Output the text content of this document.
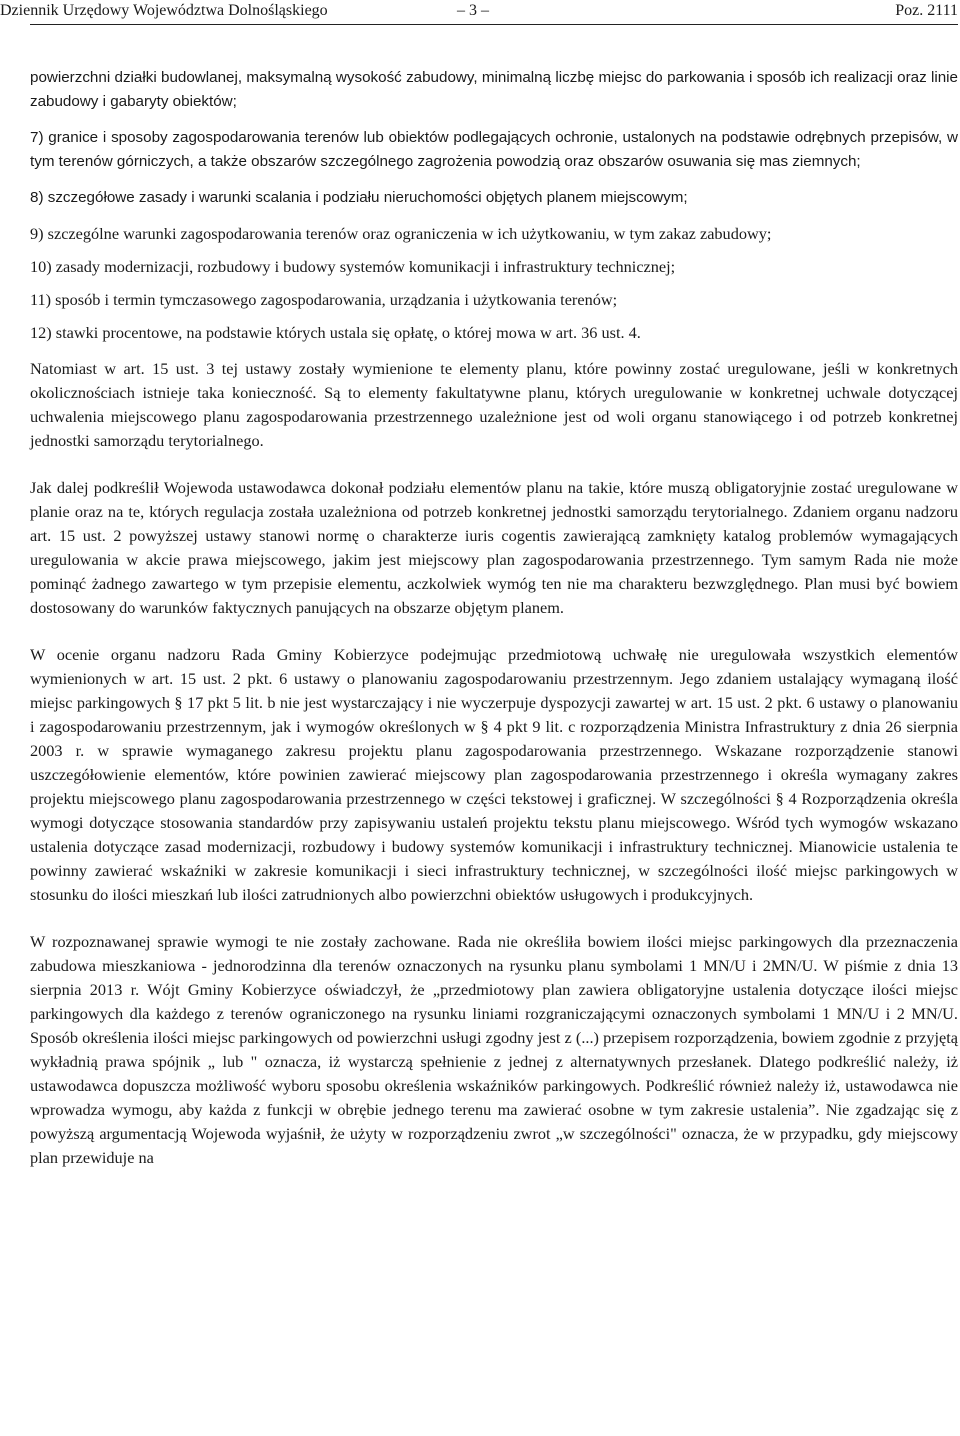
Dziennik Urzędowy Województwa Dolnośląskiego	– 3 –	Poz. 2111

powierzchni działki budowlanej, maksymalną wysokość zabudowy, minimalną liczbę miejsc do parkowania i sposób ich realizacji oraz linie zabudowy i gabaryty obiektów;

7) granice i sposoby zagospodarowania terenów lub obiektów podlegających ochronie, ustalonych na podstawie odrębnych przepisów, w tym terenów górniczych, a także obszarów szczególnego zagrożenia powodzią oraz obszarów osuwania się mas ziemnych;

8) szczegółowe zasady i warunki scalania i podziału nieruchomości objętych planem miejscowym;

9) szczególne warunki zagospodarowania terenów oraz ograniczenia w ich użytkowaniu, w tym zakaz zabudowy;

10) zasady modernizacji, rozbudowy i budowy systemów komunikacji i infrastruktury technicznej;

11) sposób i termin tymczasowego zagospodarowania, urządzania i użytkowania terenów;

12) stawki procentowe, na podstawie których ustala się opłatę, o której mowa w art. 36 ust. 4.

Natomiast w art. 15 ust. 3 tej ustawy zostały wymienione te elementy planu, które powinny zostać uregulowane, jeśli w konkretnych okolicznościach istnieje taka konieczność. Są to elementy fakultatywne planu, których uregulowanie w konkretnej uchwale dotyczącej uchwalenia miejscowego planu zagospodarowania przestrzennego uzależnione jest od woli organu stanowiącego i od potrzeb konkretnej jednostki samorządu terytorialnego.

Jak dalej podkreślił Wojewoda ustawodawca dokonał podziału elementów planu na takie, które muszą obligatoryjnie zostać uregulowane w planie oraz na te, których regulacja została uzależniona od potrzeb konkretnej jednostki samorządu terytorialnego. Zdaniem organu nadzoru art. 15 ust. 2 powyższej ustawy stanowi normę o charakterze iuris cogentis zawierającą zamknięty katalog problemów wymagających uregulowania w akcie prawa miejscowego, jakim jest miejscowy plan zagospodarowania przestrzennego. Tym samym Rada nie może pominąć żadnego zawartego w tym przepisie elementu, aczkolwiek wymóg ten nie ma charakteru bezwzględnego. Plan musi być bowiem dostosowany do warunków faktycznych panujących na obszarze objętym planem.

W ocenie organu nadzoru Rada Gminy Kobierzyce podejmując przedmiotową uchwałę nie uregulowała wszystkich elementów wymienionych w art. 15 ust. 2 pkt. 6 ustawy o planowaniu zagospodarowaniu przestrzennym. Jego zdaniem ustalający wymaganą ilość miejsc parkingowych § 17 pkt 5 lit. b nie jest wystarczający i nie wyczerpuje dyspozycji zawartej w art. 15 ust. 2 pkt. 6 ustawy o planowaniu i zagospodarowaniu przestrzennym, jak i wymogów określonych w § 4 pkt 9 lit. c rozporządzenia Ministra Infrastruktury z dnia 26 sierpnia 2003 r. w sprawie wymaganego zakresu projektu planu zagospodarowania przestrzennego. Wskazane rozporządzenie stanowi uszczegółowienie elementów, które powinien zawierać miejscowy plan zagospodarowania przestrzennego i określa wymagany zakres projektu miejscowego planu zagospodarowania przestrzennego w części tekstowej i graficznej. W szczególności § 4 Rozporządzenia określa wymogi dotyczące stosowania standardów przy zapisywaniu ustaleń projektu tekstu planu miejscowego. Wśród tych wymogów wskazano ustalenia dotyczące zasad modernizacji, rozbudowy i budowy systemów komunikacji i infrastruktury technicznej. Mianowicie ustalenia te powinny zawierać wskaźniki w zakresie komunikacji i sieci infrastruktury technicznej, w szczególności ilość miejsc parkingowych w stosunku do ilości mieszkań lub ilości zatrudnionych albo powierzchni obiektów usługowych i produkcyjnych.

W rozpoznawanej sprawie wymogi te nie zostały zachowane. Rada nie określiła bowiem ilości miejsc parkingowych dla przeznaczenia zabudowa mieszkaniowa - jednorodzinna dla terenów oznaczonych na rysunku planu symbolami 1 MN/U i 2MN/U. W piśmie z dnia 13 sierpnia 2013 r. Wójt Gminy Kobierzyce oświadczył, że „przedmiotowy plan zawiera obligatoryjne ustalenia dotyczące ilości miejsc parkingowych dla każdego z terenów ograniczonego na rysunku liniami rozgraniczającymi oznaczonych symbolami 1 MN/U i 2 MN/U. Sposób określenia ilości miejsc parkingowych od powierzchni usługi zgodny jest z (...) przepisem rozporządzenia, bowiem zgodnie z przyjętą wykładnią prawa spójnik „ lub " oznacza, iż wystarczą spełnienie z jednej z alternatywnych przesłanek. Dlatego podkreślić należy, iż ustawodawca dopuszcza możliwość wyboru sposobu określenia wskaźników parkingowych. Podkreślić również należy iż, ustawodawca nie wprowadza wymogu, aby każda z funkcji w obrębie jednego terenu ma zawierać osobne w tym zakresie ustalenia”. Nie zgadzając się z powyższą argumentacją Wojewoda wyjaśnił, że użyty w rozporządzeniu zwrot „w szczególności" oznacza, że w przypadku, gdy miejscowy plan przewiduje na
